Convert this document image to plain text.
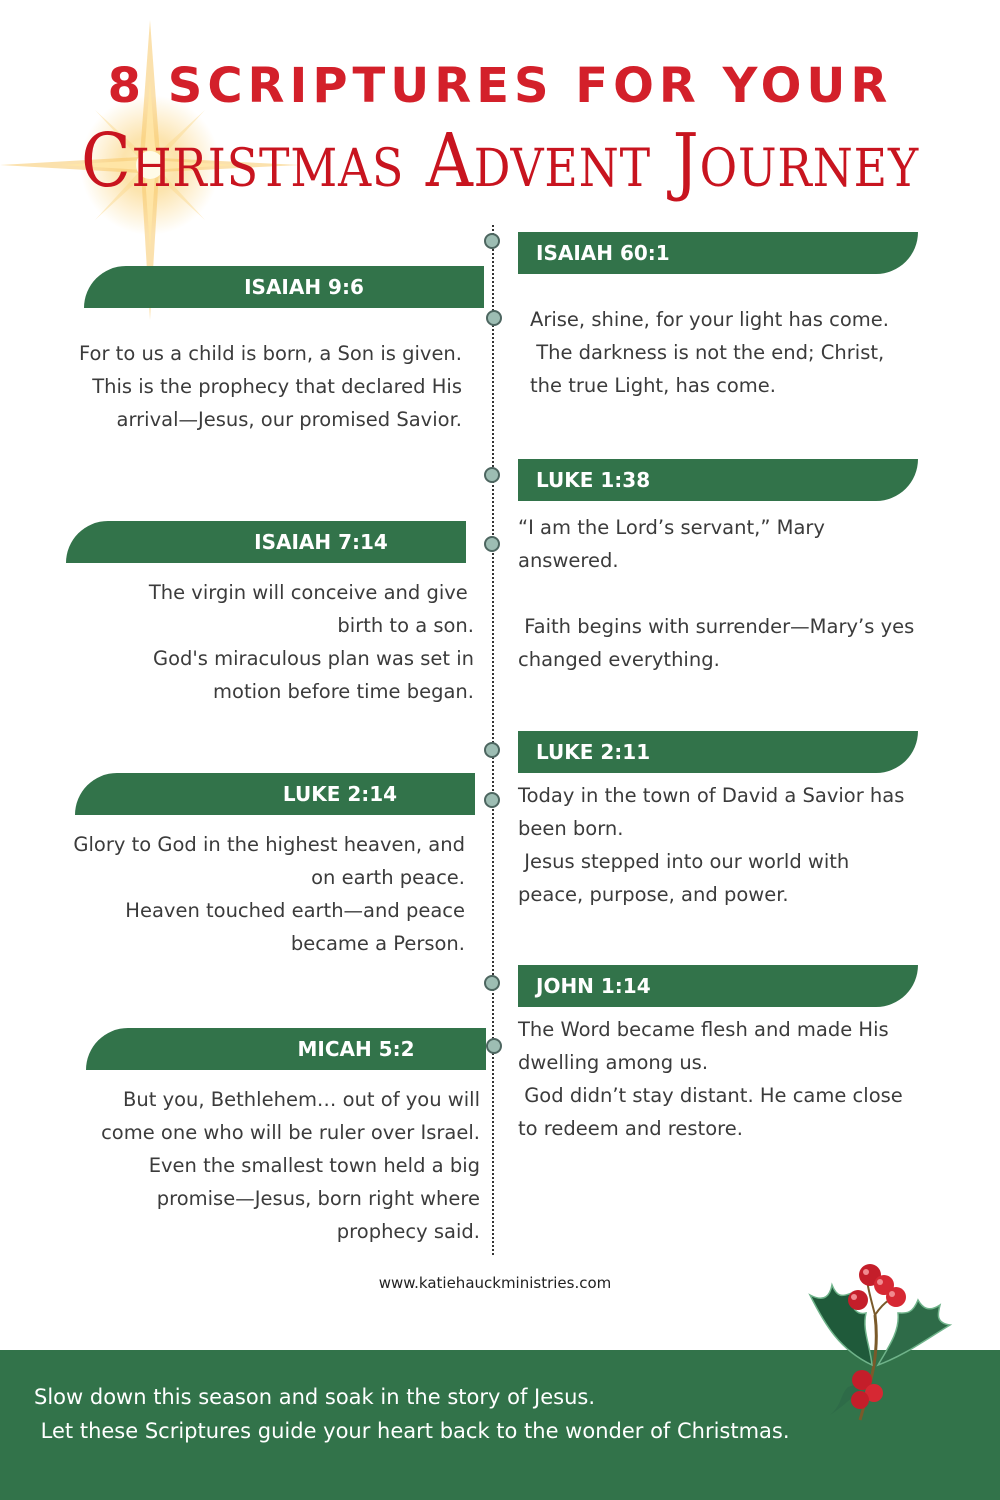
8 SCRIPTURES FOR YOUR
Christmas Advent Journey
ISAIAH 9:6
For to us a child is born, a Son is given.
This is the prophecy that declared His
arrival—Jesus, our promised Savior.
ISAIAH 7:14
The virgin will conceive and give
birth to a son.
God's miraculous plan was set in
motion before time began.
LUKE 2:14
Glory to God in the highest heaven, and
on earth peace.
Heaven touched earth—and peace
became a Person.
MICAH 5:2
But you, Bethlehem… out of you will
come one who will be ruler over Israel.
Even the smallest town held a big
promise—Jesus, born right where
prophecy said.
ISAIAH 60:1
Arise, shine, for your light has come.
The darkness is not the end; Christ,
the true Light, has come.
LUKE 1:38
“I am the Lord’s servant,” Mary
answered.
Faith begins with surrender—Mary’s yes
changed everything.
LUKE 2:11
Today in the town of David a Savior has
been born.
Jesus stepped into our world with
peace, purpose, and power.
JOHN 1:14
The Word became flesh and made His
dwelling among us.
God didn’t stay distant. He came close
to redeem and restore.
www.katiehauckministries.com
Slow down this season and soak in the story of Jesus.
Let these Scriptures guide your heart back to the wonder of Christmas.
